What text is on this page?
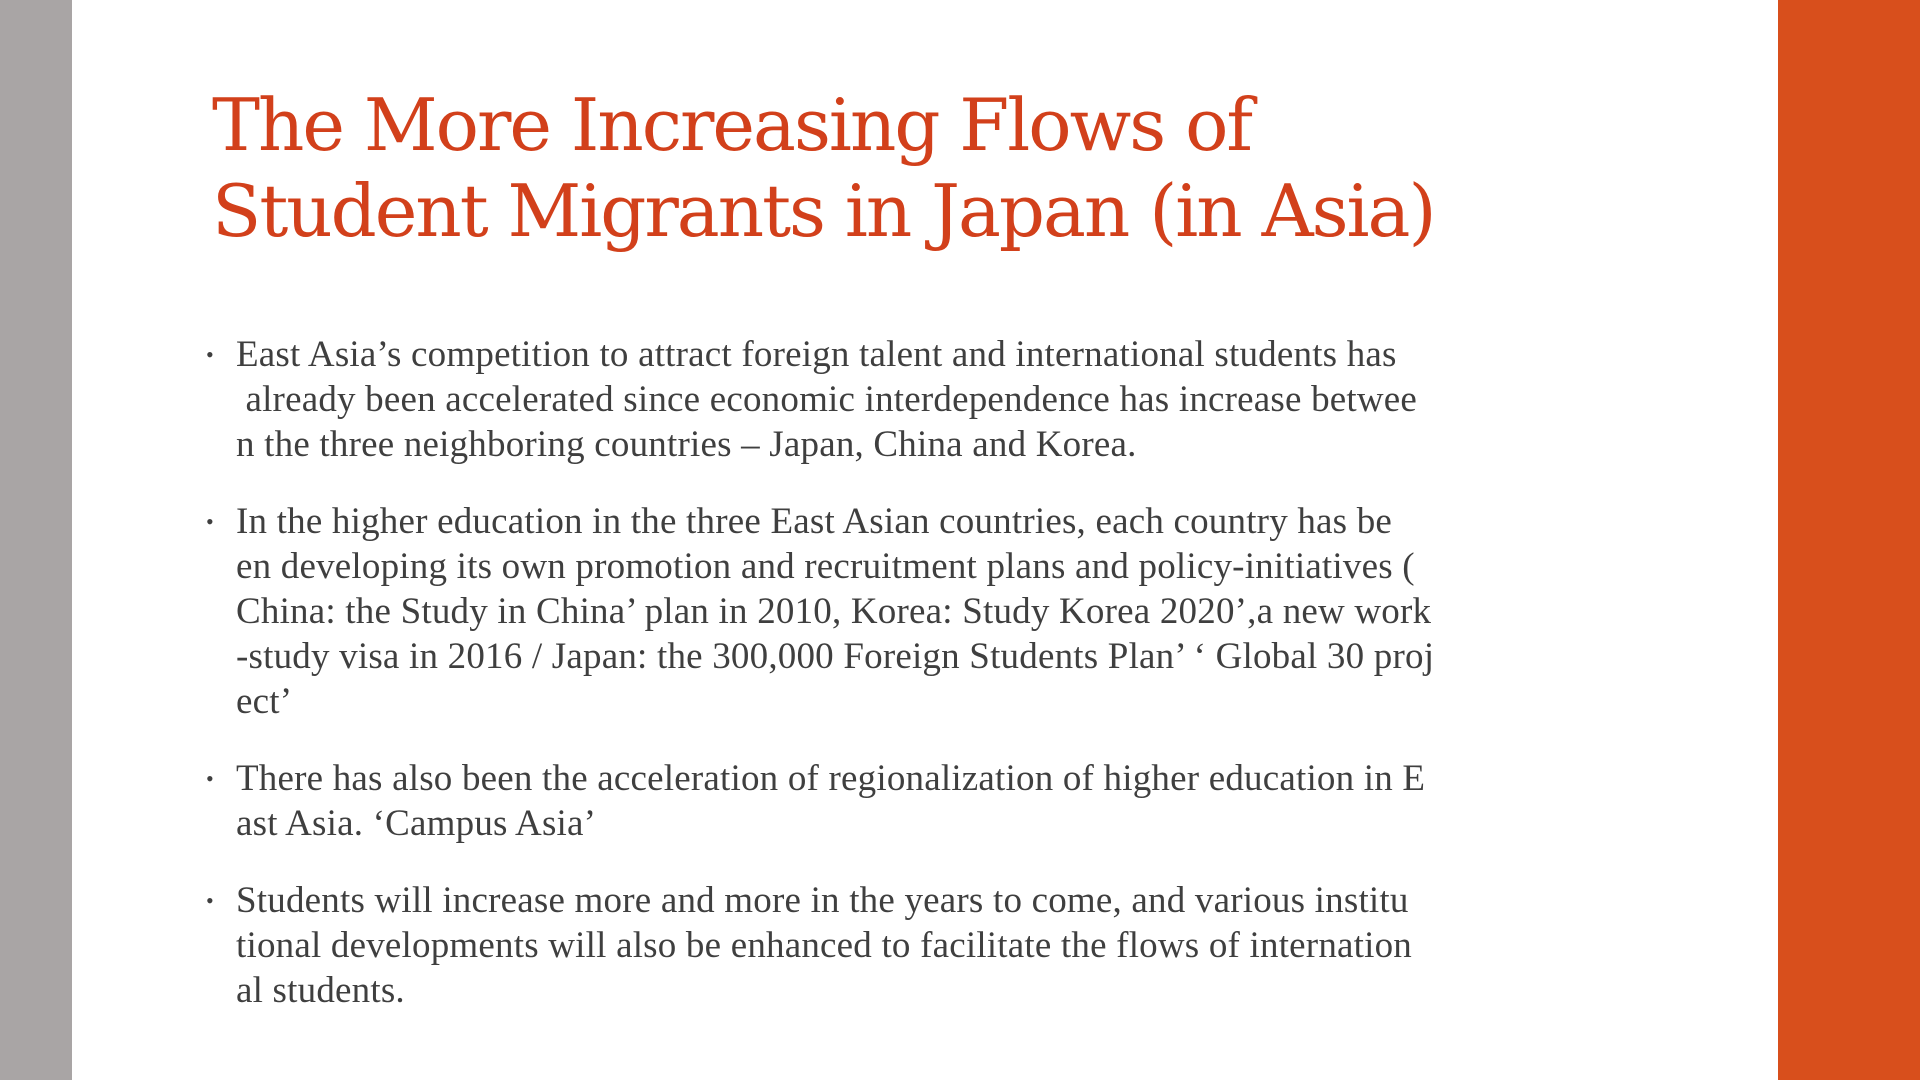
The More Increasing Flows of
Student Migrants in Japan (in Asia)
• East Asia’s competition to attract foreign talent and international students has
already been accelerated since economic interdependence has increase betwee
n the three neighboring countries – Japan, China and Korea.
• In the higher education in the three East Asian countries, each country has be
en developing its own promotion and recruitment plans and policy-initiatives (
China: the Study in China’ plan in 2010, Korea: Study Korea 2020’,a new work
-study visa in 2016 / Japan: the 300,000 Foreign Students Plan’ ‘ Global 30 proj
ect’
• There has also been the acceleration of regionalization of higher education in E
ast Asia. ‘Campus Asia’
• Students will increase more and more in the years to come, and various institu
tional developments will also be enhanced to facilitate the flows of internation
al students.
